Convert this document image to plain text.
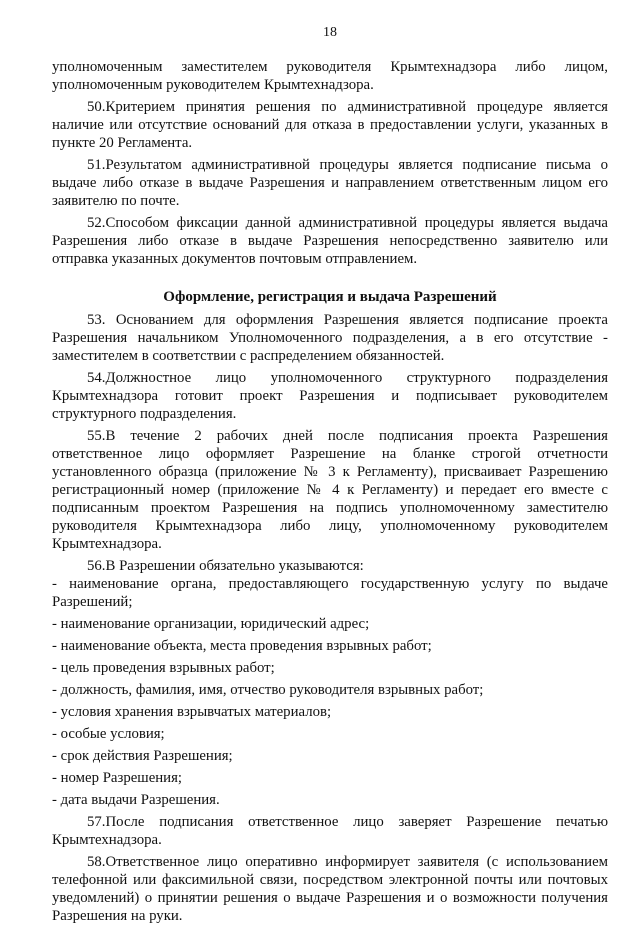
18

уполномоченным заместителем руководителя Крымтехнадзора либо лицом, уполномоченным руководителем Крымтехнадзора.

50.Критерием принятия решения по административной процедуре является наличие или отсутствие оснований для отказа в предоставлении услуги, указанных в пункте 20 Регламента.

51.Результатом административной процедуры является подписание письма о выдаче либо отказе в выдаче Разрешения и направлением ответственным лицом его заявителю по почте.

52.Способом фиксации данной административной процедуры является выдача Разрешения либо отказе в выдаче Разрешения непосредственно заявителю или отправка указанных документов почтовым отправлением.

Оформление, регистрация и выдача Разрешений

53. Основанием для оформления Разрешения является подписание проекта Разрешения начальником Уполномоченного подразделения, а в его отсутствие - заместителем в соответствии с распределением обязанностей.

54.Должностное лицо уполномоченного структурного подразделения Крымтехнадзора готовит проект Разрешения и подписывает руководителем структурного подразделения.

55.В течение 2 рабочих дней после подписания проекта Разрешения ответственное лицо оформляет Разрешение на бланке строгой отчетности установленного образца (приложение № 3 к Регламенту), присваивает Разрешению регистрационный номер (приложение № 4 к Регламенту) и передает его вместе с подписанным проектом Разрешения на подпись уполномоченному заместителю руководителя Крымтехнадзора либо лицу, уполномоченному руководителем Крымтехнадзора.

56.В Разрешении обязательно указываются:

- наименование органа, предоставляющего государственную услугу по выдаче Разрешений;

- наименование организации, юридический адрес;

- наименование объекта, места проведения взрывных работ;

- цель проведения взрывных работ;

- должность, фамилия, имя, отчество руководителя взрывных работ;

- условия хранения взрывчатых материалов;

- особые условия;

- срок действия Разрешения;

- номер Разрешения;

- дата выдачи Разрешения.

57.После подписания ответственное лицо заверяет Разрешение печатью Крымтехнадзора.

58.Ответственное лицо оперативно информирует заявителя (с использованием телефонной или факсимильной связи, посредством электронной почты или почтовых уведомлений) о принятии решения о выдаче Разрешения и о возможности получения Разрешения на руки.
